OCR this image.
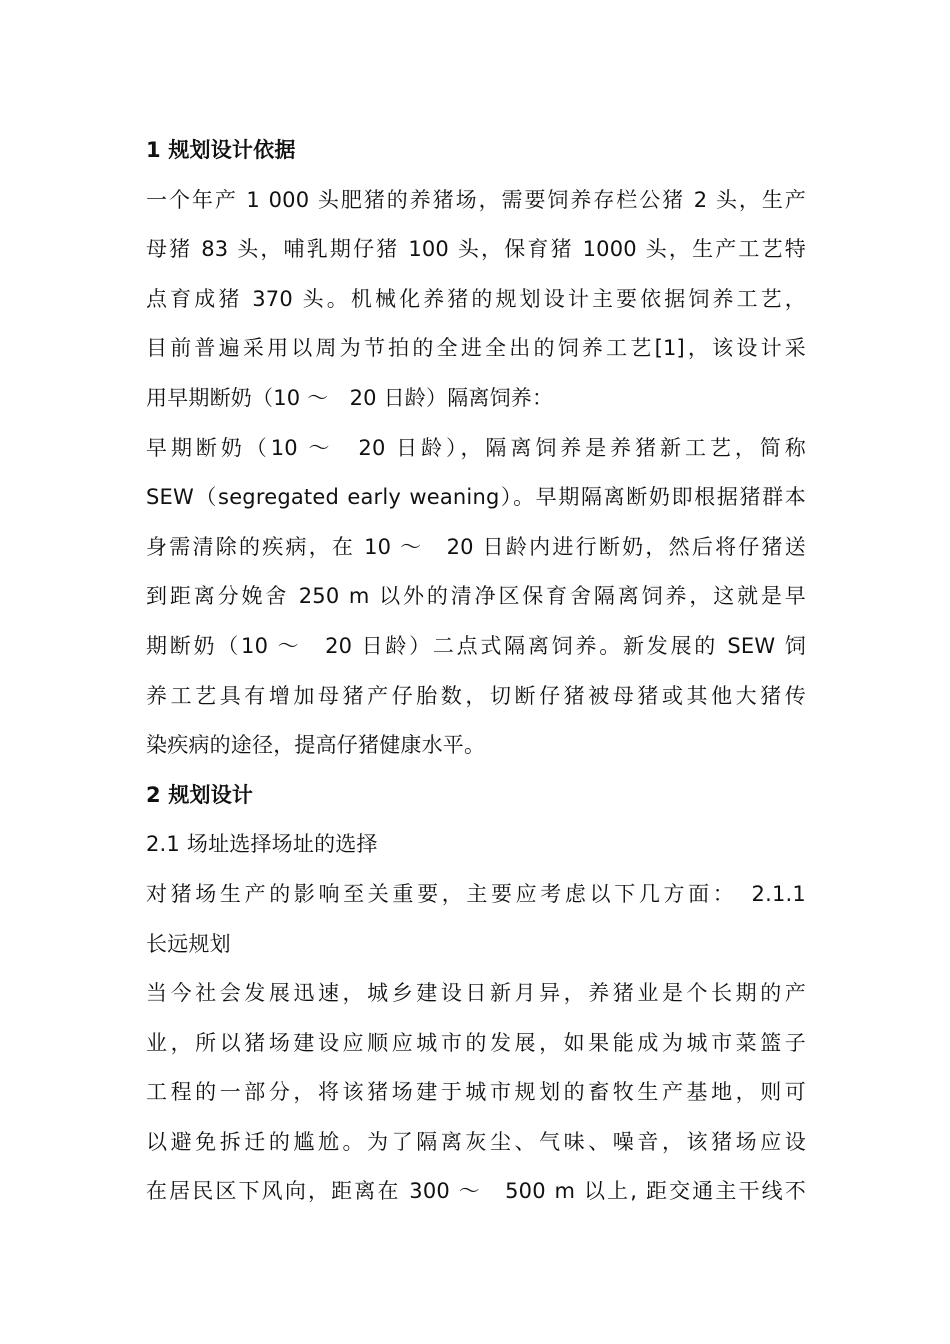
1 规划设计依据
一个年产 1 000 头肥猪的养猪场，需要饲养存栏公猪 2 头，生产
母猪 83 头，哺乳期仔猪 100 头，保育猪 1000 头，生产工艺特
点育成猪 370 头。机械化养猪的规划设计主要依据饲养工艺，
目前普遍采用以周为节拍的全进全出的饲养工艺[1]，该设计采
用早期断奶（10 ～　20 日龄）隔离饲养：
早期断奶（10 ～　20 日龄），隔离饲养是养猪新工艺，简称
SEW（segregated early weaning）。早期隔离断奶即根据猪群本
身需清除的疾病，在 10 ～　20 日龄内进行断奶，然后将仔猪送
到距离分娩舍 250 m 以外的清净区保育舍隔离饲养，这就是早
期断奶（10 ～　20 日龄）二点式隔离饲养。新发展的 SEW 饲
养工艺具有增加母猪产仔胎数，切断仔猪被母猪或其他大猪传
染疾病的途径，提高仔猪健康水平。
2 规划设计
2.1 场址选择场址的选择
对猪场生产的影响至关重要，主要应考虑以下几方面：　2.1.1
长远规划
当今社会发展迅速，城乡建设日新月异，养猪业是个长期的产
业，所以猪场建设应顺应城市的发展，如果能成为城市菜篮子
工程的一部分，将该猪场建于城市规划的畜牧生产基地，则可
以避免拆迁的尴尬。为了隔离灰尘、气味、噪音，该猪场应设
在居民区下风向，距离在 300 ～　500 m 以上, 距交通主干线不
